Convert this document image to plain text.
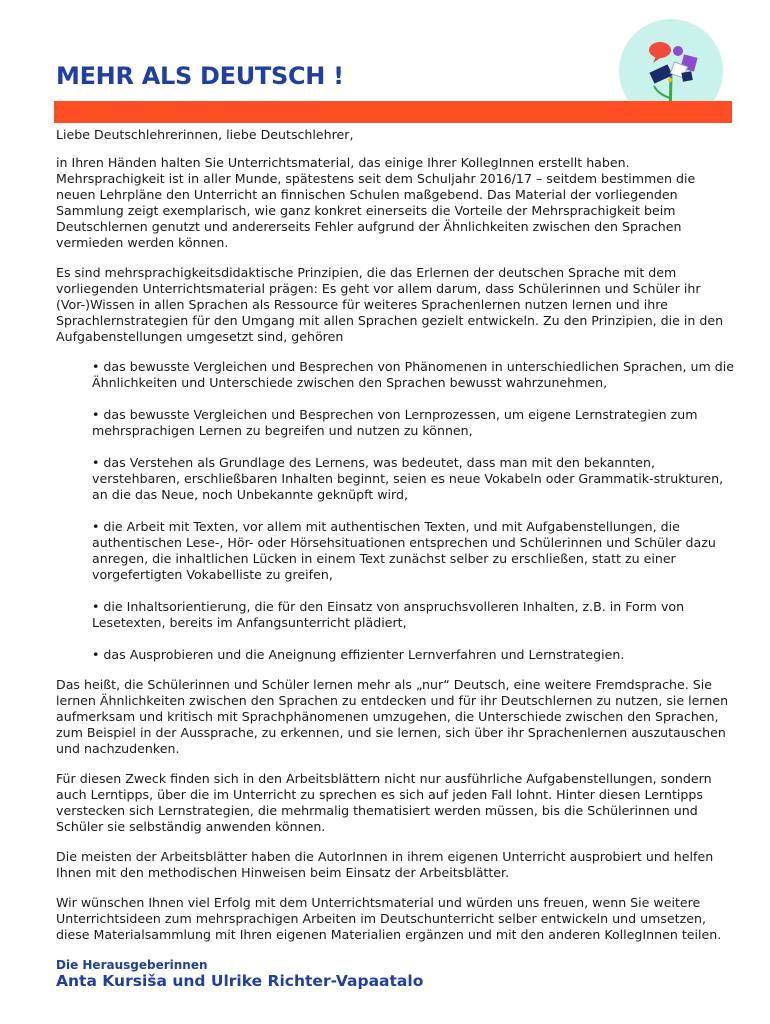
MEHR ALS DEUTSCH !

Liebe Deutschlehrerinnen, liebe Deutschlehrer,

in Ihren Händen halten Sie Unterrichtsmaterial, das einige Ihrer KollegInnen erstellt haben. Mehrsprachigkeit ist in aller Munde, spätestens seit dem Schuljahr 2016/17 – seitdem bestimmen die neuen Lehrpläne den Unterricht an finnischen Schulen maßgebend. Das Material der vorliegenden Sammlung zeigt exemplarisch, wie ganz konkret einerseits die Vorteile der Mehrsprachigkeit beim Deutschlernen genutzt und andererseits Fehler aufgrund der Ähnlichkeiten zwischen den Sprachen vermieden werden können.

Es sind mehrsprachigkeitsdidaktische Prinzipien, die das Erlernen der deutschen Sprache mit dem vorliegenden Unterrichtsmaterial prägen: Es geht vor allem darum, dass Schülerinnen und Schüler ihr (Vor-)Wissen in allen Sprachen als Ressource für weiteres Sprachenlernen nutzen lernen und ihre Sprachlernstrategien für den Umgang mit allen Sprachen gezielt entwickeln. Zu den Prinzipien, die in den Aufgabenstellungen umgesetzt sind, gehören

• das bewusste Vergleichen und Besprechen von Phänomenen in unterschiedlichen Sprachen, um die Ähnlichkeiten und Unterschiede zwischen den Sprachen bewusst wahrzunehmen,
• das bewusste Vergleichen und Besprechen von Lernprozessen, um eigene Lernstrategien zum mehrsprachigen Lernen zu begreifen und nutzen zu können,
• das Verstehen als Grundlage des Lernens, was bedeutet, dass man mit den bekannten, verstehbaren, erschließbaren Inhalten beginnt, seien es neue Vokabeln oder Grammatik-strukturen, an die das Neue, noch Unbekannte geknüpft wird,
• die Arbeit mit Texten, vor allem mit authentischen Texten, und mit Aufgabenstellungen, die authentischen Lese-, Hör- oder Hörsehsituationen entsprechen und Schülerinnen und Schüler dazu anregen, die inhaltlichen Lücken in einem Text zunächst selber zu erschließen, statt zu einer vorgefertigten Vokabelliste zu greifen,
• die Inhaltsorientierung, die für den Einsatz von anspruchsvolleren Inhalten, z.B. in Form von Lesetexten, bereits im Anfangsunterricht plädiert,
• das Ausprobieren und die Aneignung effizienter Lernverfahren und Lernstrategien.

Das heißt, die Schülerinnen und Schüler lernen mehr als „nur“ Deutsch, eine weitere Fremdsprache. Sie lernen Ähnlichkeiten zwischen den Sprachen zu entdecken und für ihr Deutschlernen zu nutzen, sie lernen aufmerksam und kritisch mit Sprachphänomenen umzugehen, die Unterschiede zwischen den Sprachen, zum Beispiel in der Aussprache, zu erkennen, und sie lernen, sich über ihr Sprachenlernen auszutauschen und nachzudenken.

Für diesen Zweck finden sich in den Arbeitsblättern nicht nur ausführliche Aufgabenstellungen, sondern auch Lerntipps, über die im Unterricht zu sprechen es sich auf jeden Fall lohnt. Hinter diesen Lerntipps verstecken sich Lernstrategien, die mehrmalig thematisiert werden müssen, bis die Schülerinnen und Schüler sie selbständig anwenden können.

Die meisten der Arbeitsblätter haben die AutorInnen in ihrem eigenen Unterricht ausprobiert und helfen Ihnen mit den methodischen Hinweisen beim Einsatz der Arbeitsblätter.

Wir wünschen Ihnen viel Erfolg mit dem Unterrichtsmaterial und würden uns freuen, wenn Sie weitere Unterrichtsideen zum mehrsprachigen Arbeiten im Deutschunterricht selber entwickeln und umsetzen, diese Materialsammlung mit Ihren eigenen Materialien ergänzen und mit den anderen KollegInnen teilen.

Die Herausgeberinnen

Anta Kursiša und Ulrike Richter-Vapaatalo
